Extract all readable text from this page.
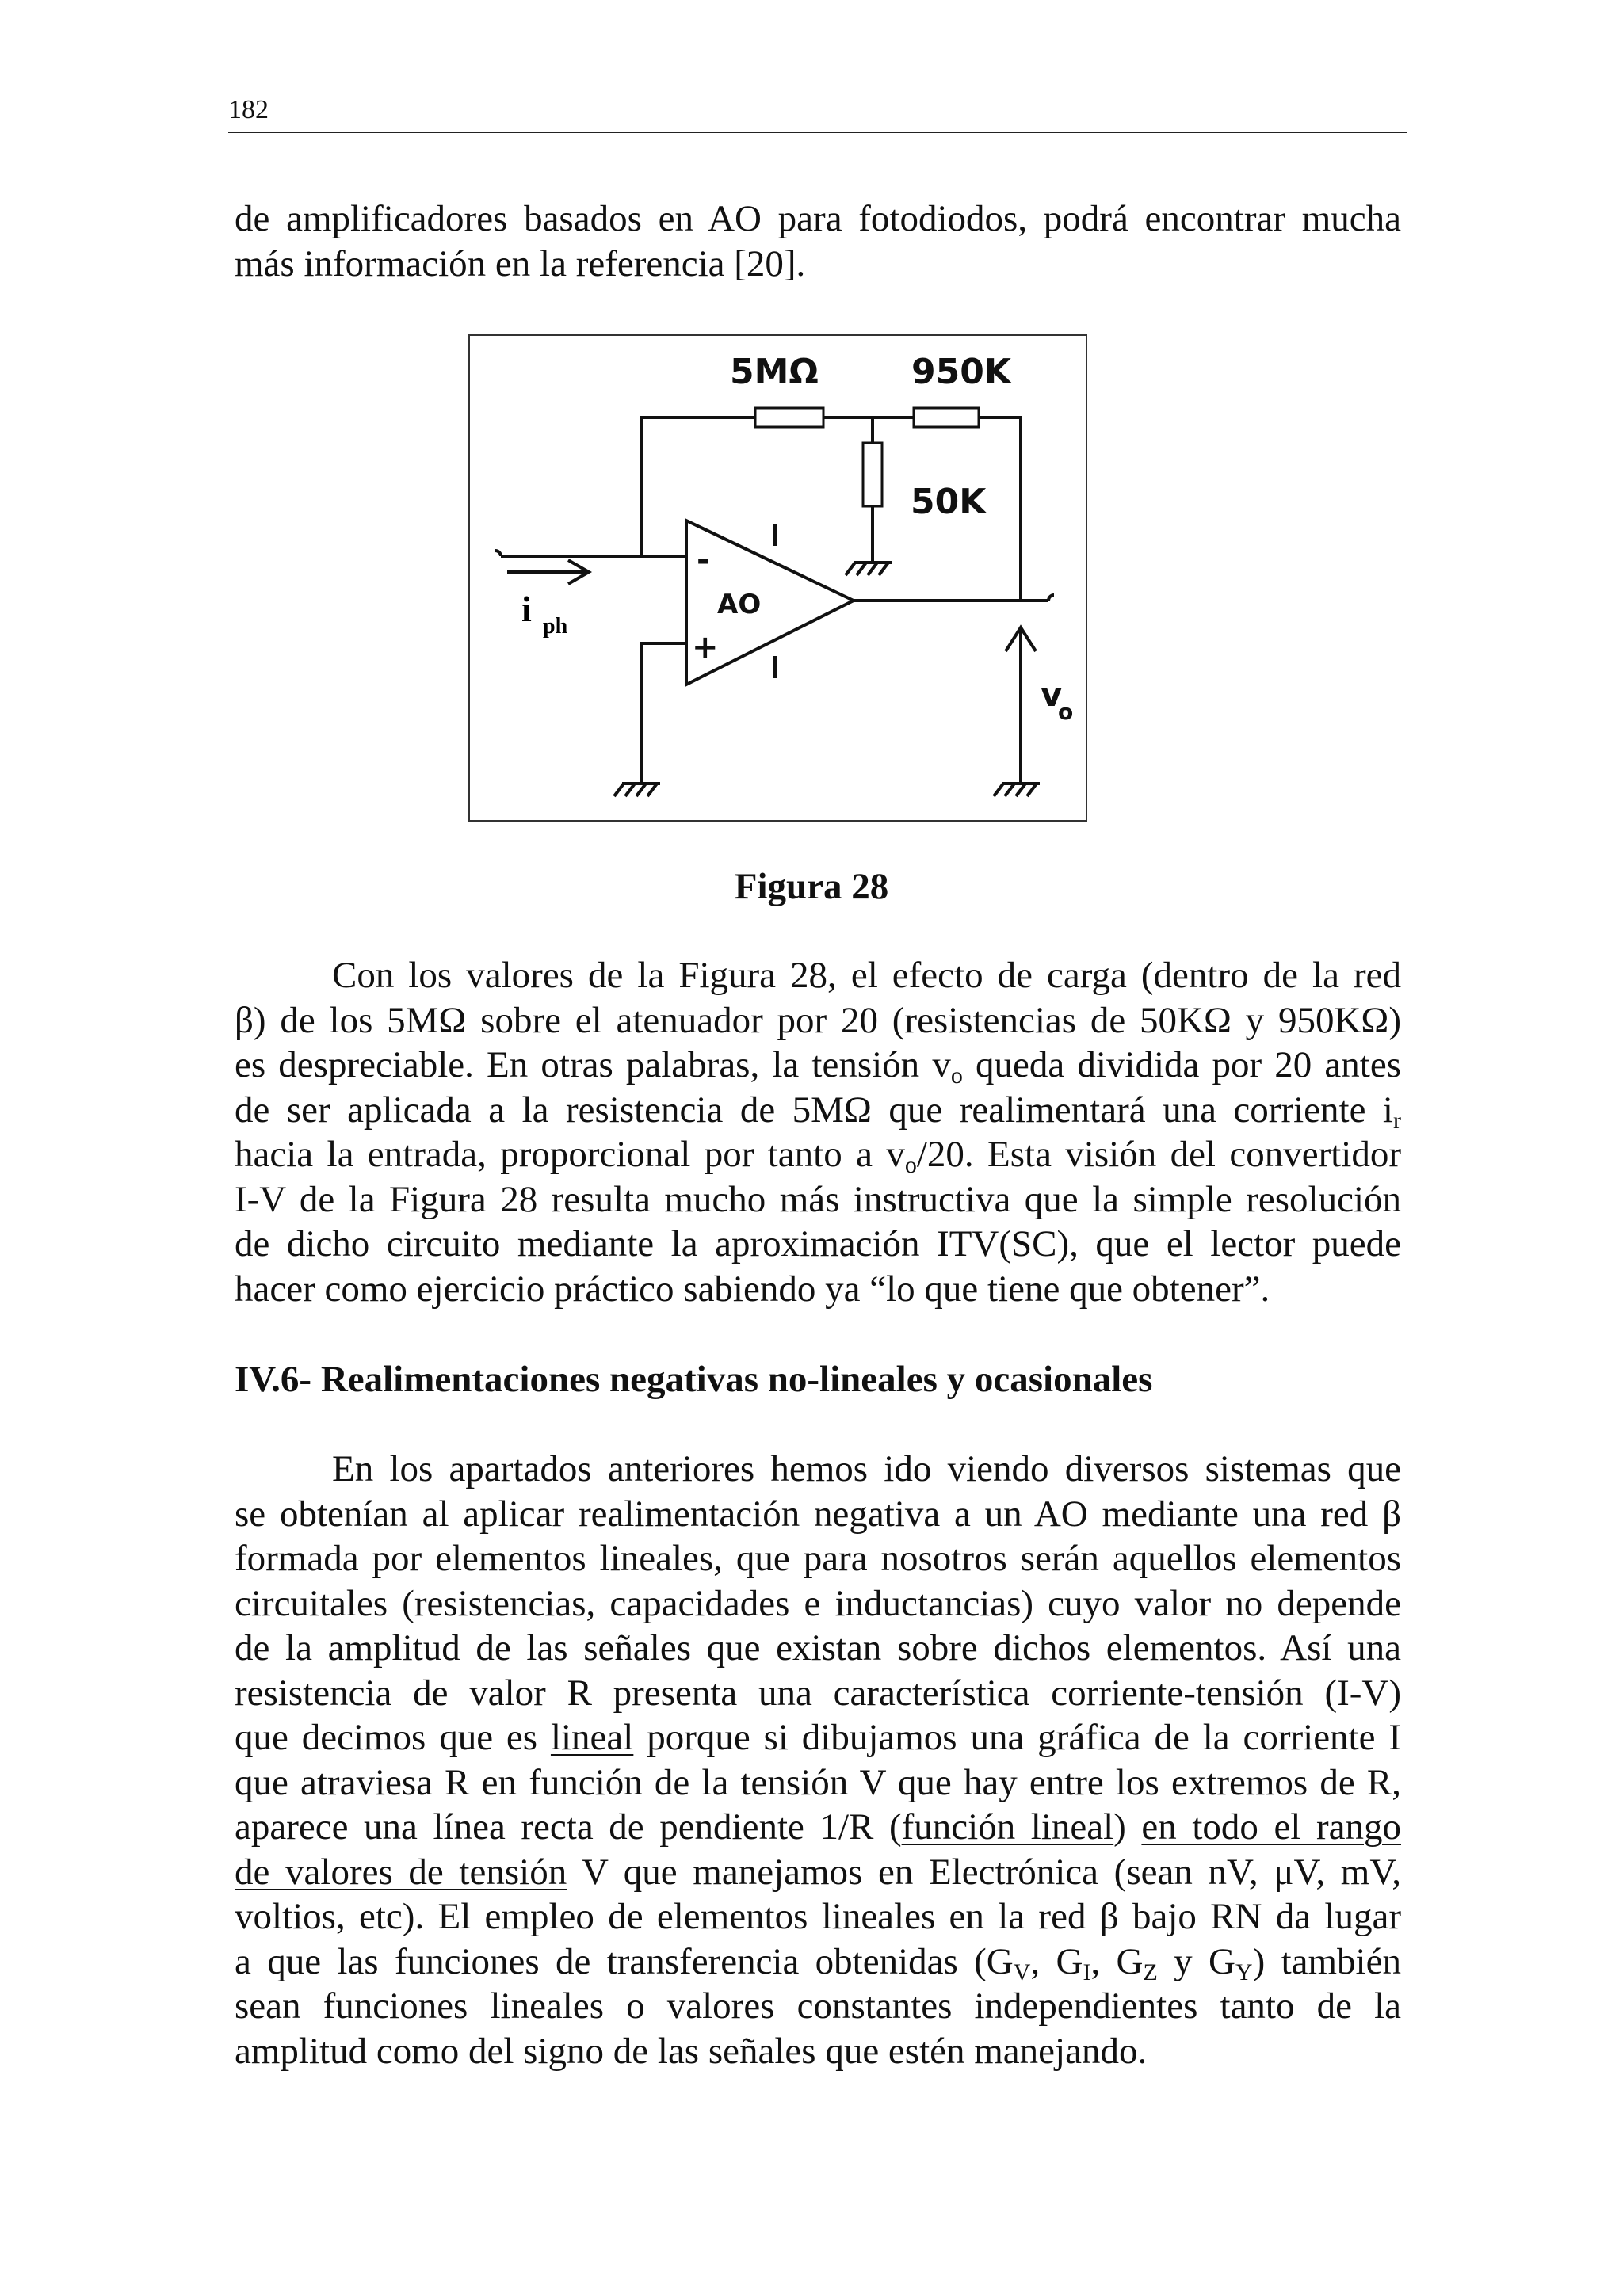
182
de amplificadores basados en AO para fotodiodos, podrá encontrar mucha
más información en la referencia [20].
5MΩ	950K
50K
AO
-
+
i ph
v
o
Figura 28
Con los valores de la Figura 28, el efecto de carga (dentro de la red
β) de los 5MΩ sobre el atenuador por 20 (resistencias de 50KΩ y 950KΩ)
es despreciable. En otras palabras, la tensión $v_o$ queda dividida por 20 antes
de ser aplicada a la resistencia de 5MΩ que realimentará una corriente $i_r$
hacia la entrada, proporcional por tanto a $v_o/20$. Esta visión del convertidor
I-V de la Figura 28 resulta mucho más instructiva que la simple resolución
de dicho circuito mediante la aproximación ITV(SC), que el lector puede
hacer como ejercicio práctico sabiendo ya “lo que tiene que obtener”.
IV.6- Realimentaciones negativas no-lineales y ocasionales
En los apartados anteriores hemos ido viendo diversos sistemas que
se obtenían al aplicar realimentación negativa a un AO mediante una red β
formada por elementos lineales, que para nosotros serán aquellos elementos
circuitales (resistencias, capacidades e inductancias) cuyo valor no depende
de la amplitud de las señales que existan sobre dichos elementos. Así una
resistencia de valor R presenta una característica corriente-tensión (I-V)
que decimos que es lineal porque si dibujamos una gráfica de la corriente I
que atraviesa R en función de la tensión V que hay entre los extremos de R,
aparece una línea recta de pendiente 1/R (función lineal) en todo el rango
de valores de tensión V que manejamos en Electrónica (sean nV, μV, mV,
voltios, etc). El empleo de elementos lineales en la red β bajo RN da lugar
a que las funciones de transferencia obtenidas ($G_V$, $G_I$, $G_Z$ y $G_Y$) también
sean funciones lineales o valores constantes independientes tanto de la
amplitud como del signo de las señales que estén manejando.
